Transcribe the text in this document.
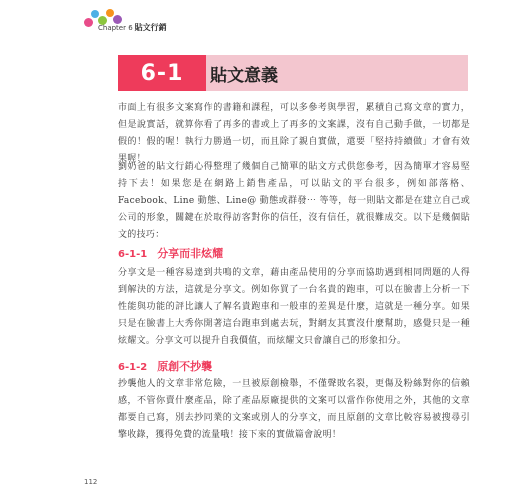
Chapter 6 貼文行銷
6-1	貼文意義
市面上有很多文案寫作的書籍和課程，可以多參考與學習，累積自己寫文章的實力，但是說實話，就算你看了再多的書或上了再多的文案課，沒有自己動手做，一切都是假的！假的喔！執行力勝過一切，而且除了親自實做，還要「堅持持續做」才會有效果喔！
劉奶爸的貼文行銷心得整理了幾個自己簡單的貼文方式供您參考，因為簡單才容易堅持下去！如果您是在網路上銷售產品，可以貼文的平台很多，例如部落格、Facebook、Line 動態、Line@ 動態或群發⋯ 等等，每一則貼文都是在建立自己或公司的形象，關鍵在於取得訪客對你的信任，沒有信任，就很難成交。以下是幾個貼文的技巧：
6-1-1 分享而非炫耀
分享文是一種容易達到共鳴的文章，藉由產品使用的分享而協助遇到相同問題的人得到解決的方法，這就是分享文。例如你買了一台名貴的跑車，可以在臉書上分析一下性能與功能的評比讓人了解名貴跑車和一般車的差異是什麼，這就是一種分享。如果只是在臉書上大秀你開著這台跑車到處去玩，對網友其實沒什麼幫助，感覺只是一種炫耀文。分享文可以提升自我價值，而炫耀文只會讓自己的形象扣分。
6-1-2 原創不抄襲
抄襲他人的文章非常危險，一旦被原創檢舉，不僅聲敗名裂，更傷及粉絲對你的信賴感，不管你賣什麼產品，除了產品原廠提供的文案可以當作你使用之外，其他的文章都要自己寫，別去抄同業的文案或別人的分享文，而且原創的文章比較容易被搜尋引擎收錄，獲得免費的流量哦！接下來的實做篇會說明！
112
